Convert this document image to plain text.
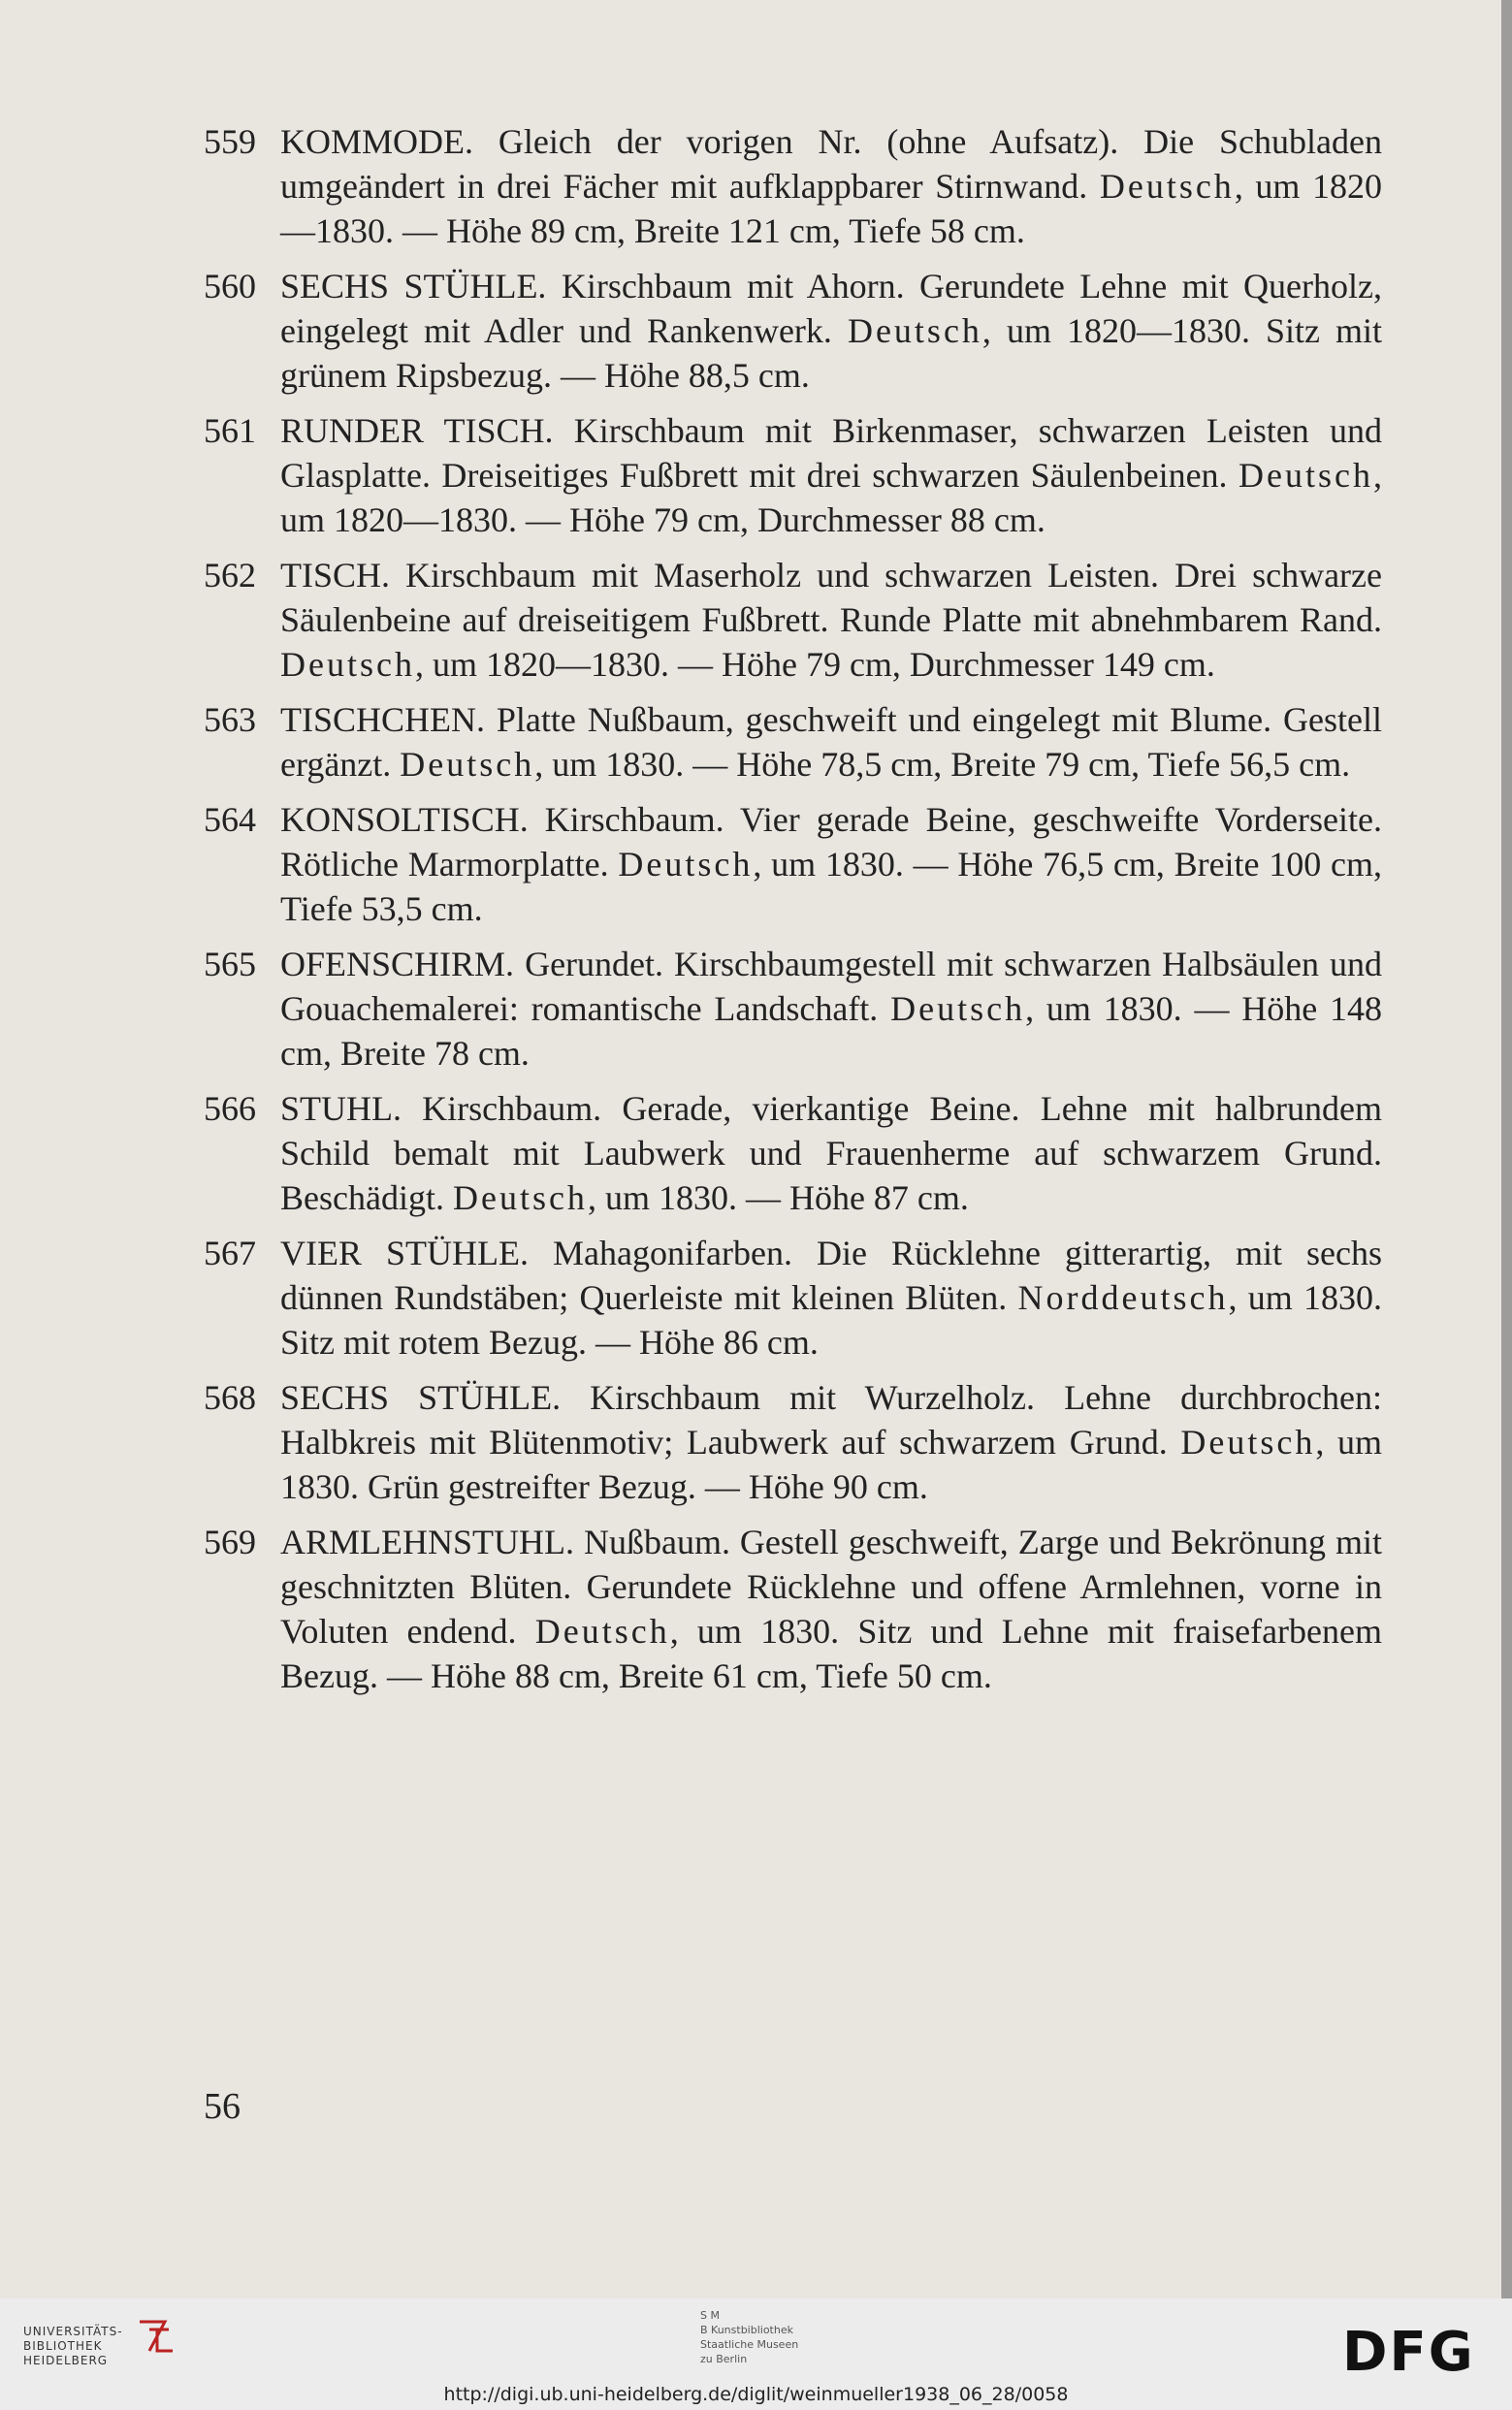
559 KOMMODE. Gleich der vorigen Nr. (ohne Aufsatz). Die Schubladen umgeändert in drei Fächer mit aufklappbarer Stirnwand. Deutsch, um 1820—1830. — Höhe 89 cm, Breite 121 cm, Tiefe 58 cm.
560 SECHS STÜHLE. Kirschbaum mit Ahorn. Gerundete Lehne mit Querholz, eingelegt mit Adler und Rankenwerk. Deutsch, um 1820—1830. Sitz mit grünem Ripsbezug. — Höhe 88,5 cm.
561 RUNDER TISCH. Kirschbaum mit Birkenmaser, schwarzen Leisten und Glasplatte. Dreiseitiges Fußbrett mit drei schwarzen Säulenbeinen. Deutsch, um 1820—1830. — Höhe 79 cm, Durchmesser 88 cm.
562 TISCH. Kirschbaum mit Maserholz und schwarzen Leisten. Drei schwarze Säulenbeine auf dreiseitigem Fußbrett. Runde Platte mit abnehmbarem Rand. Deutsch, um 1820—1830. — Höhe 79 cm, Durchmesser 149 cm.
563 TISCHCHEN. Platte Nußbaum, geschweift und eingelegt mit Blume. Gestell ergänzt. Deutsch, um 1830. — Höhe 78,5 cm, Breite 79 cm, Tiefe 56,5 cm.
564 KONSOLTISCH. Kirschbaum. Vier gerade Beine, geschweifte Vorderseite. Rötliche Marmorplatte. Deutsch, um 1830. — Höhe 76,5 cm, Breite 100 cm, Tiefe 53,5 cm.
565 OFENSCHIRM. Gerundet. Kirschbaumgestell mit schwarzen Halbsäulen und Gouachemalerei: romantische Landschaft. Deutsch, um 1830. — Höhe 148 cm, Breite 78 cm.
566 STUHL. Kirschbaum. Gerade, vierkantige Beine. Lehne mit halbrundem Schild bemalt mit Laubwerk und Frauenherme auf schwarzem Grund. Beschädigt. Deutsch, um 1830. — Höhe 87 cm.
567 VIER STÜHLE. Mahagonifarben. Die Rücklehne gitterartig, mit sechs dünnen Rundstäben; Querleiste mit kleinen Blüten. Norddeutsch, um 1830. Sitz mit rotem Bezug. — Höhe 86 cm.
568 SECHS STÜHLE. Kirschbaum mit Wurzelholz. Lehne durchbrochen: Halbkreis mit Blütenmotiv; Laubwerk auf schwarzem Grund. Deutsch, um 1830. Grün gestreifter Bezug. — Höhe 90 cm.
569 ARMLEHNSTUHL. Nußbaum. Gestell geschweift, Zarge und Bekrönung mit geschnitzten Blüten. Gerundete Rücklehne und offene Armlehnen, vorne in Voluten endend. Deutsch, um 1830. Sitz und Lehne mit fraisefarbenem Bezug. — Höhe 88 cm, Breite 61 cm, Tiefe 50 cm.
56
UNIVERSITÄTS-
BIBLIOTHEK
HEIDELBERG
S M
B Kunstbibliothek
Staatliche Museen
zu Berlin	DFG
http://digi.ub.uni-heidelberg.de/diglit/weinmueller1938_06_28/0058
